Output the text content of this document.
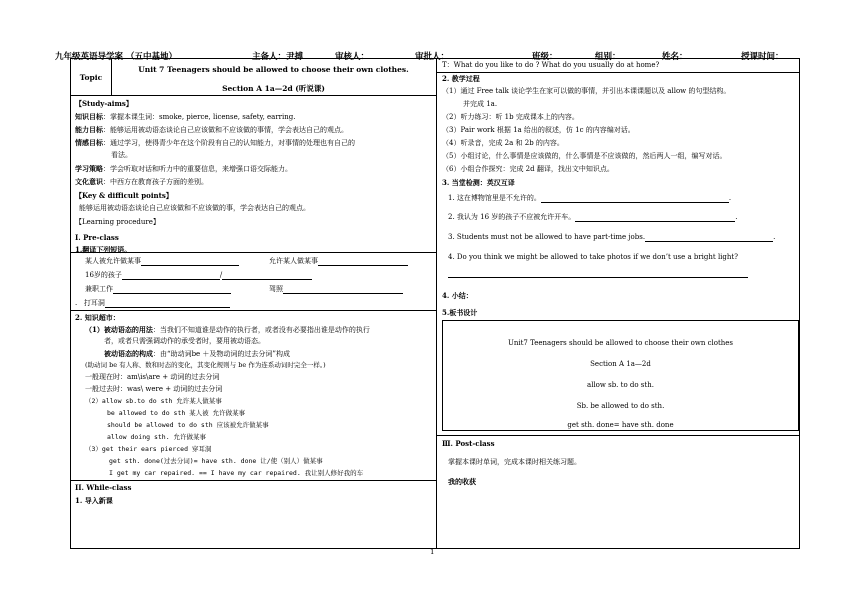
九年级英语导学案 （五中基地）	主备人：尹搏	审核人：	审批人：	班级：	组别：	姓名：	授课时间：
Topic
Unit 7 Teenagers should be allowed to choose their own clothes.
Section A 1a—2d (听说课)
【Study-aims】
知识目标：掌握本课生词：smoke, pierce, license, safety, earring.
能力目标：能够运用被动语态谈论自己应该做和不应该做的事情，学会表达自己的观点。
情感目标：通过学习，使得青少年在这个阶段有自己的认知能力，对事情的处理也有自己的
看法。
学习策略：学会听取对话和听力中的重要信息，来增强口语交际能力。
文化意识：中西方在教育孩子方面的差别。
【Key & difficult points】
能够运用被动语态谈论自己应该做和不应该做的事，学会表达自己的观点。
【Learning procedure】
I. Pre-class
1.翻译下列短语。
某人被允许做某事	允许某人做某事
16岁的孩子	/
兼职工作	驾照
. 打耳洞
2. 知识超市：
（1）被动语态的用法：当我们不知道谁是动作的执行者，或者没有必要指出谁是动作的执行
者，或者只需强调动作的承受者时，要用被动语态。
被动语态的构成：由“助动词be ＋及物动词的过去分词”构成
(助动词 be 有人称、数和时态的变化，其变化规则与 be 作为连系动词时完全一样。)
一般现在时：am\is\are + 动词的过去分词
一般过去时：was\ were + 动词的过去分词
（2）allow sb.to do sth 允许某人做某事
be allowed to do sth 某人被 允许做某事
should be allowed to do sth 应该被允许做某事
allow doing sth. 允许做某事
（3）get their ears pierced 穿耳洞
get sth. done(过去分词)= have sth. done 让/使（别人）做某事
I get my car repaired. == I have my car repaired. 我让别人修好我的车
II. While-class
1. 导入新课
T：What do you like to do ? What do you usually do at home?
2. 教学过程
（1）通过 Free talk 谈论学生在家可以做的事情，并引出本课课题以及 allow 的句型结构。
并完成 1a.
（2）听力练习：听 1b 完成课本上的内容。
（3）Pair work 根据 1a 给出的叙述，仿 1c 的内容编对话。
（4）听录音，完成 2a 和 2b 的内容。
（5）小组讨论，什么事情是应该做的，什么事情是不应该做的，然后两人一组，编写对话。
（6）小组合作探究：完成 2d 翻译，找出文中知识点。
3. 当堂检测：英汉互译
1. 这在博物馆里是不允许的。	.
2. 我认为 16 岁的孩子不应被允许开车。	.
3. Students must not be allowed to have part-time jobs.	.
4. Do you think we might be allowed to take photos if we don’t use a bright light?
4. 小结：
5.板书设计
Unit7 Teenagers should be allowed to choose their own clothes
Section A 1a—2d
allow sb. to do sth.
Sb. be allowed to do sth.
get sth. done= have sth. done
Ⅲ. Post-class
掌握本课时单词，完成本课时相关练习题。
我的收获
1
